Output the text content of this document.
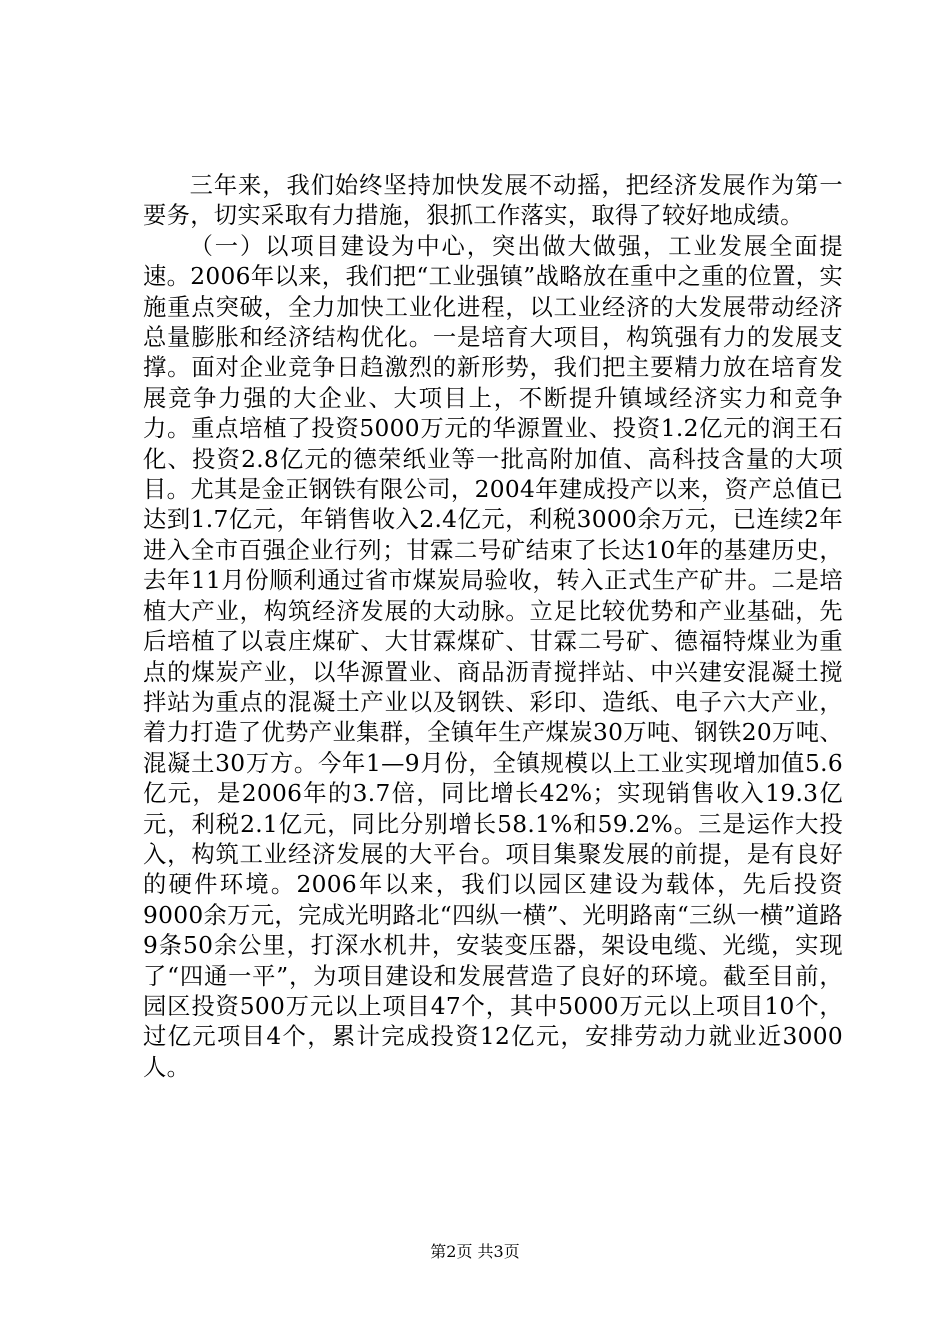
三年来，我们始终坚持加快发展不动摇，把经济发展作为第一要务，切实采取有力措施，狠抓工作落实，取得了较好地成绩。

（一）以项目建设为中心，突出做大做强，工业发展全面提速。2006年以来，我们把“工业强镇”战略放在重中之重的位置，实施重点突破，全力加快工业化进程，以工业经济的大发展带动经济总量膨胀和经济结构优化。一是培育大项目，构筑强有力的发展支撑。面对企业竞争日趋激烈的新形势，我们把主要精力放在培育发展竞争力强的大企业、大项目上，不断提升镇域经济实力和竞争力。重点培植了投资5000万元的华源置业、投资1.2亿元的润王石化、投资2.8亿元的德荣纸业等一批高附加值、高科技含量的大项目。尤其是金正钢铁有限公司，2004年建成投产以来，资产总值已达到1.7亿元，年销售收入2.4亿元，利税3000余万元，已连续2年进入全市百强企业行列；甘霖二号矿结束了长达10年的基建历史，去年11月份顺利通过省市煤炭局验收，转入正式生产矿井。二是培植大产业，构筑经济发展的大动脉。立足比较优势和产业基础，先后培植了以袁庄煤矿、大甘霖煤矿、甘霖二号矿、德福特煤业为重点的煤炭产业，以华源置业、商品沥青搅拌站、中兴建安混凝土搅拌站为重点的混凝土产业以及钢铁、彩印、造纸、电子六大产业，着力打造了优势产业集群，全镇年生产煤炭30万吨、钢铁20万吨、混凝土30万方。今年1—9月份，全镇规模以上工业实现增加值5.6亿元，是2006年的3.7倍，同比增长42%；实现销售收入19.3亿元，利税2.1亿元，同比分别增长58.1%和59.2%。三是运作大投入，构筑工业经济发展的大平台。项目集聚发展的前提，是有良好的硬件环境。2006年以来，我们以园区建设为载体，先后投资9000余万元，完成光明路北“四纵一横”、光明路南“三纵一横”道路9条50余公里，打深水机井，安装变压器，架设电缆、光缆，实现了“四通一平”，为项目建设和发展营造了良好的环境。截至目前，园区投资500万元以上项目47个，其中5000万元以上项目10个，过亿元项目4个，累计完成投资12亿元，安排劳动力就业近3000人。

第2页 共3页
